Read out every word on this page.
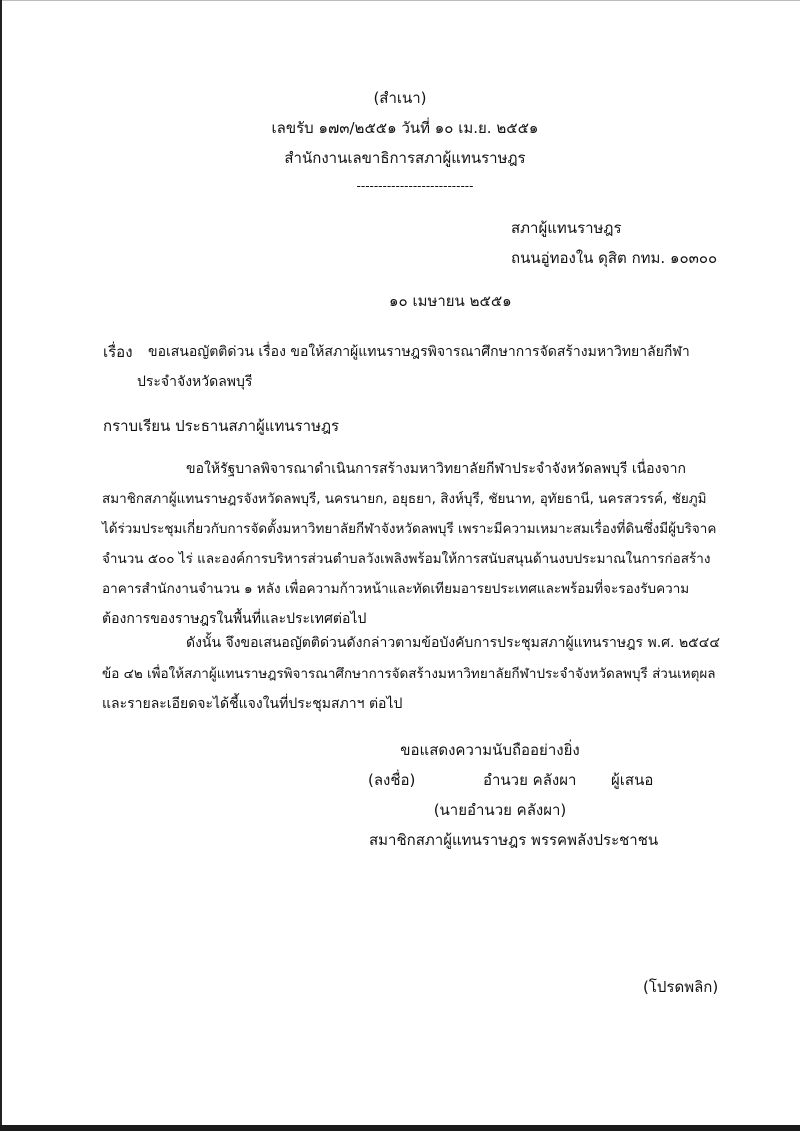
(สำเนา)
เลขรับ ๑๗๓/๒๕๕๑ วันที่ ๑๐ เม.ย. ๒๕๕๑
สำนักงานเลขาธิการสภาผู้แทนราษฎร
---------------------------
สภาผู้แทนราษฎร
ถนนอู่ทองใน ดุสิต กทม. ๑๐๓๐๐
๑๐ เมษายน ๒๕๕๑
เรื่อง ขอเสนอญัตติด่วน เรื่อง ขอให้สภาผู้แทนราษฎรพิจารณาศึกษาการจัดสร้างมหาวิทยาลัยกีฬา
ประจำจังหวัดลพบุรี
กราบเรียน ประธานสภาผู้แทนราษฎร
ขอให้รัฐบาลพิจารณาดำเนินการสร้างมหาวิทยาลัยกีฬาประจำจังหวัดลพบุรี เนื่องจาก
สมาชิกสภาผู้แทนราษฎรจังหวัดลพบุรี, นครนายก, อยุธยา, สิงห์บุรี, ชัยนาท, อุทัยธานี, นครสวรรค์, ชัยภูมิ
ได้ร่วมประชุมเกี่ยวกับการจัดตั้งมหาวิทยาลัยกีฬาจังหวัดลพบุรี เพราะมีความเหมาะสมเรื่องที่ดินซึ่งมีผู้บริจาค
จำนวน ๕๐๐ ไร่ และองค์การบริหารส่วนตำบลวังเพลิงพร้อมให้การสนับสนุนด้านงบประมาณในการก่อสร้าง
อาคารสำนักงานจำนวน ๑ หลัง เพื่อความก้าวหน้าและทัดเทียมอารยประเทศและพร้อมที่จะรองรับความ
ต้องการของราษฎรในพื้นที่และประเทศต่อไป
ดังนั้น จึงขอเสนอญัตติด่วนดังกล่าวตามข้อบังคับการประชุมสภาผู้แทนราษฎร พ.ศ. ๒๕๔๔
ข้อ ๔๒ เพื่อให้สภาผู้แทนราษฎรพิจารณาศึกษาการจัดสร้างมหาวิทยาลัยกีฬาประจำจังหวัดลพบุรี ส่วนเหตุผล
และรายละเอียดจะได้ชี้แจงในที่ประชุมสภาฯ ต่อไป
ขอแสดงความนับถืออย่างยิ่ง
(ลงชื่อ)	อำนวย คลังผา ผู้เสนอ
(นายอำนวย คลังผา)
สมาชิกสภาผู้แทนราษฎร พรรคพลังประชาชน
(โปรดพลิก)
